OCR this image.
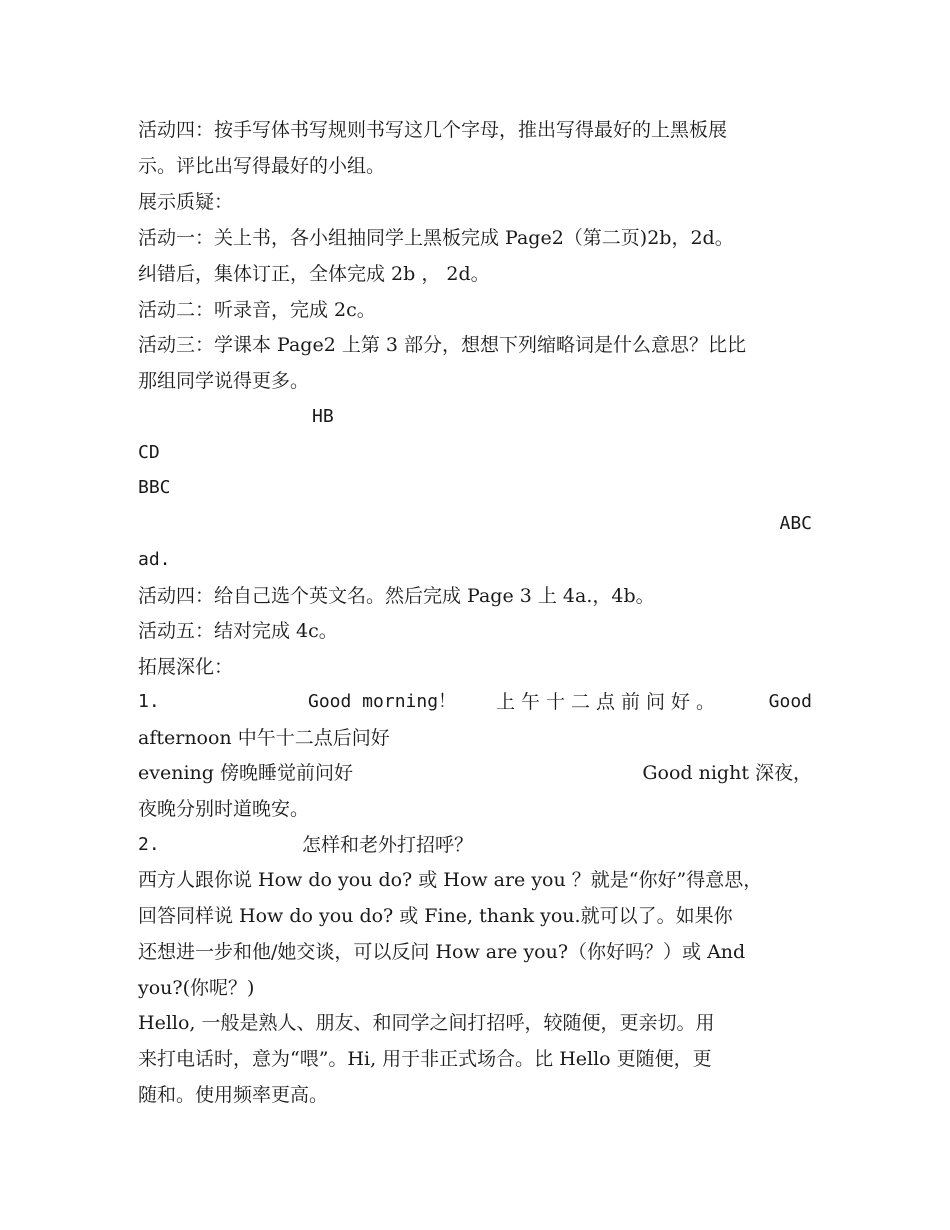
活动四：按手写体书写规则书写这几个字母，推出写得最好的上黑板展
示。评比出写得最好的小组。
展示质疑：
活动一：关上书，各小组抽同学上黑板完成 Page2（第二页)2b，2d。
纠错后，集体订正，全体完成 2b ， 2d。
活动二：听录音，完成 2c。
活动三：学课本 Page2 上第 3 部分，想想下列缩略词是什么意思？比比
那组同学说得更多。
HB
CD
BBC
ABC
ad.
活动四：给自己选个英文名。然后完成 Page 3 上 4a.，4b。
活动五：结对完成 4c。
拓展深化：
1.	Good morning！ 上午十二点前问好。	Good
afternoon 中午十二点后问好
evening 傍晚睡觉前问好	Good night 深夜，
夜晚分别时道晚安。
2.	怎样和老外打招呼？
西方人跟你说 How do you do? 或 How are you ？就是“你好”得意思，
回答同样说 How do you do? 或 Fine, thank you.就可以了。如果你
还想进一步和他/她交谈，可以反问 How are you?（你好吗？）或 And
you?(你呢？)
Hello, 一般是熟人、朋友、和同学之间打招呼，较随便，更亲切。用
来打电话时，意为“喂”。Hi, 用于非正式场合。比 Hello 更随便，更
随和。使用频率更高。
